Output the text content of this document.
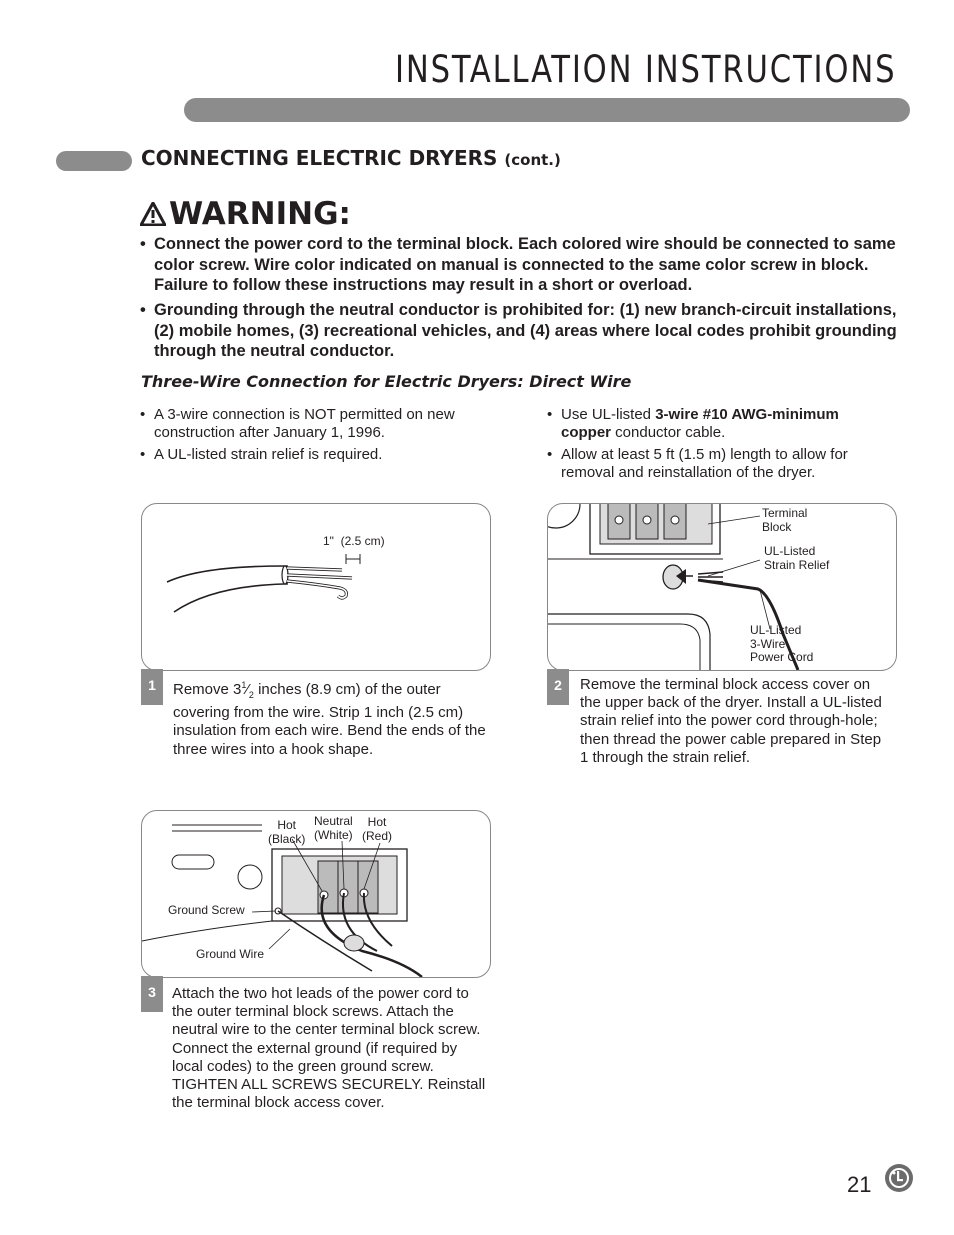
INSTALLATION INSTRUCTIONS
CONNECTING ELECTRIC DRYERS (cont.)
WARNING:
• Connect the power cord to the terminal block. Each colored wire should be connected to same color screw. Wire color indicated on manual is connected to the same color screw in block. Failure to follow these instructions may result in a short or overload.
• Grounding through the neutral conductor is prohibited for: (1) new branch-circuit installations, (2) mobile homes, (3) recreational vehicles, and (4) areas where local codes prohibit grounding through the neutral conductor.
Three-Wire Connection for Electric Dryers: Direct Wire
• A 3-wire connection is NOT permitted on new construction after January 1, 1996.
• A UL-listed strain relief is required.
• Use UL-listed 3-wire #10 AWG-minimum copper conductor cable.
• Allow at least 5 ft (1.5 m) length to allow for removal and reinstallation of the dryer.
1" (2.5 cm)
1	Remove $3^1⁄_2$ inches (8.9 cm) of the outer covering from the wire. Strip 1 inch (2.5 cm) insulation from each wire. Bend the ends of the three wires into a hook shape.
Terminal
Block
UL-Listed
Strain Relief
UL-Listed
3-Wire
Power Cord
2	Remove the terminal block access cover on the upper back of the dryer. Install a UL-listed strain relief into the power cord through-hole; then thread the power cable prepared in Step 1 through the strain relief.
Hot
(Black)
Neutral
(White)
Hot
(Red)
Ground Screw
Ground Wire
3	Attach the two hot leads of the power cord to the outer terminal block screws. Attach the neutral wire to the center terminal block screw. Connect the external ground (if required by local codes) to the green ground screw. TIGHTEN ALL SCREWS SECURELY. Reinstall the terminal block access cover.
21
